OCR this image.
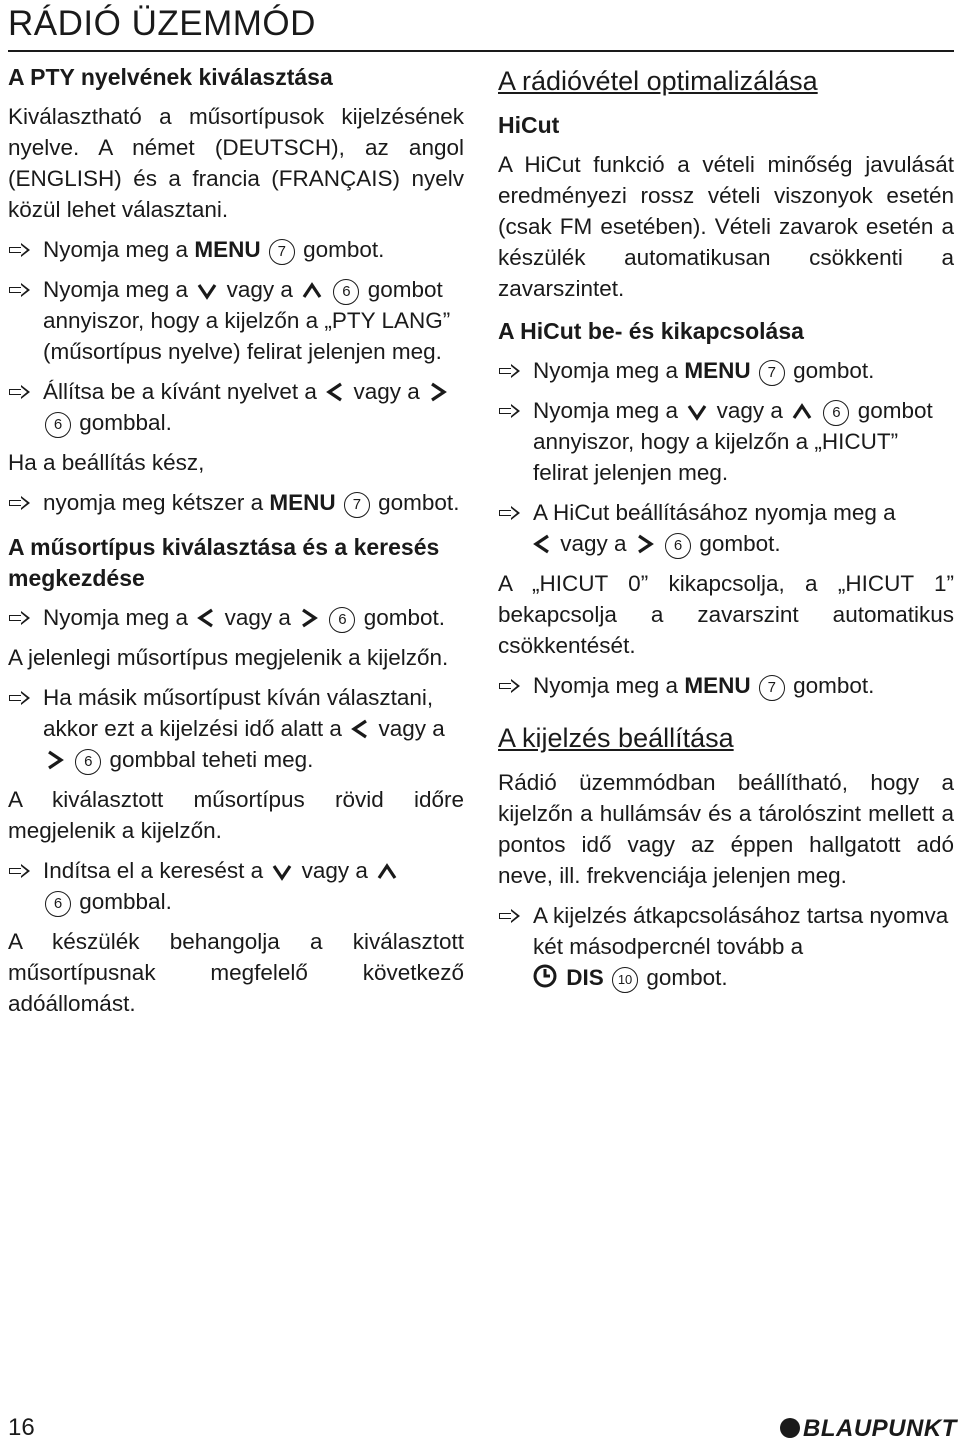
RÁDIÓ ÜZEMMÓD
A PTY nyelvének kiválasztása

Kiválasztható a műsortípusok kijelzésének nyelve. A német (DEUTSCH), az angol (ENGLISH) és a francia (FRANÇAIS) nyelv közül lehet választani.

Nyomja meg a MENU 7 gombot.
Nyomja meg a vagy a	6 gombot annyiszor, hogy a kijelzőn a „PTY LANG” (műsortípus nyelve) felirat jelenjen meg.
Állítsa be a kívánt nyelvet a vagy a  6 gombbal.

Ha a beállítás kész,

nyomja meg kétszer a MENU 7 gombot.
A műsortípus kiválasztása és a keresés megkezdése
Nyomja meg a vagy a	6 gombot.

A jelenlegi műsortípus megjelenik a kijelzőn.

Ha másik műsortípust kíván választani, akkor ezt a kijelzési idő alatt a vagy a  6 gombbal teheti meg.

A kiválasztott műsortípus rövid időre megjelenik a kijelzőn.

Indítsa el a keresést a vagy a
6 gombbal.

A készülék behangolja a kiválasztott műsortípusnak megfelelő következő adóállomást.

A rádióvétel optimalizálása
HiCut

A HiCut funkció a vételi minőség javulását eredményezi rossz vételi viszonyok esetén (csak FM esetében). Vételi zavarok esetén a készülék automatikusan csökkenti a zavarszintet.

A HiCut be- és kikapcsolása
Nyomja meg a MENU 7 gombot.
Nyomja meg a vagy a	6 gombot annyiszor, hogy a kijelzőn a „HICUT” felirat jelenjen meg.
A HiCut beállításához nyomja meg a
vagy a	6 gombot.

A „HICUT 0” kikapcsolja, a „HICUT 1” bekapcsolja a zavarszint automatikus csökkentését.

Nyomja meg a MENU 7 gombot.
A kijelzés beállítása

Rádió üzemmódban beállítható, hogy a kijelzőn a hullámsáv és a tárolószint mellett a pontos idő vagy az éppen hallgatott adó neve, ill. frekvenciája jelenjen meg.

A kijelzés átkapcsolásához tartsa nyomva két másodpercnél tovább a
DIS 10 gombot.
16	BLAUPUNKT
